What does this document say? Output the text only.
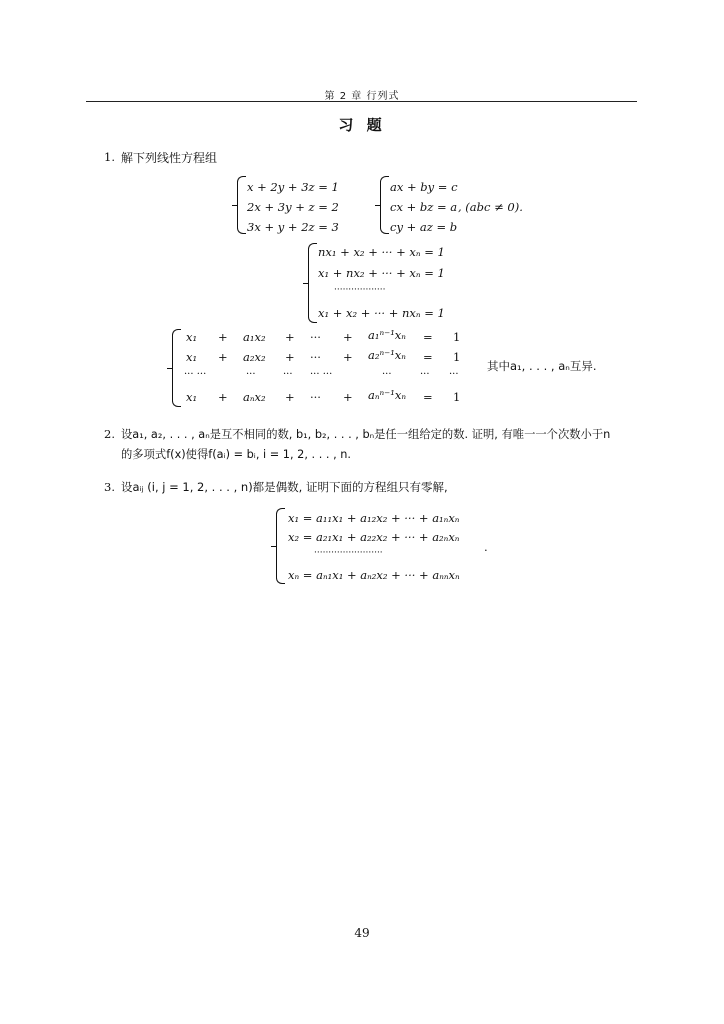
第 2 章 行列式
习 题
1. 解下列线性方程组
x + 2y + 3z = 1
2x + 3y + z = 2
3x + y + 2z = 3
ax + by = c
cx + bz = a
cy + az = b
, (abc ≠ 0).
nx₁ + x₂ + ··· + xₙ = 1
x₁ + nx₂ + ··· + xₙ = 1
··················
x₁ + x₂ + ··· + nxₙ = 1
x₁ + a₁x₂ + ··· + a₁ⁿ⁻¹xₙ = 1
x₁ + a₂x₂ + ··· + a₂ⁿ⁻¹xₙ = 1
··· ···	···	··· ··· ···	···	··· ···
x₁ + aₙx₂ + ··· + aₙⁿ⁻¹xₙ = 1
其中a₁, . . . , aₙ互异.
2. 设a₁, a₂, . . . , aₙ是互不相同的数, b₁, b₂, . . . , bₙ是任一组给定的数. 证明, 有唯一一个次数小于n
的多项式f(x)使得f(aᵢ) = bᵢ, i = 1, 2, . . . , n.
3. 设aᵢⱼ (i, j = 1, 2, . . . , n)都是偶数, 证明下面的方程组只有零解,
x₁ = a₁₁x₁ + a₁₂x₂ + ··· + a₁ₙxₙ
x₂ = a₂₁x₁ + a₂₂x₂ + ··· + a₂ₙxₙ
························
xₙ = aₙ₁x₁ + aₙ₂x₂ + ··· + aₙₙxₙ
.
49
